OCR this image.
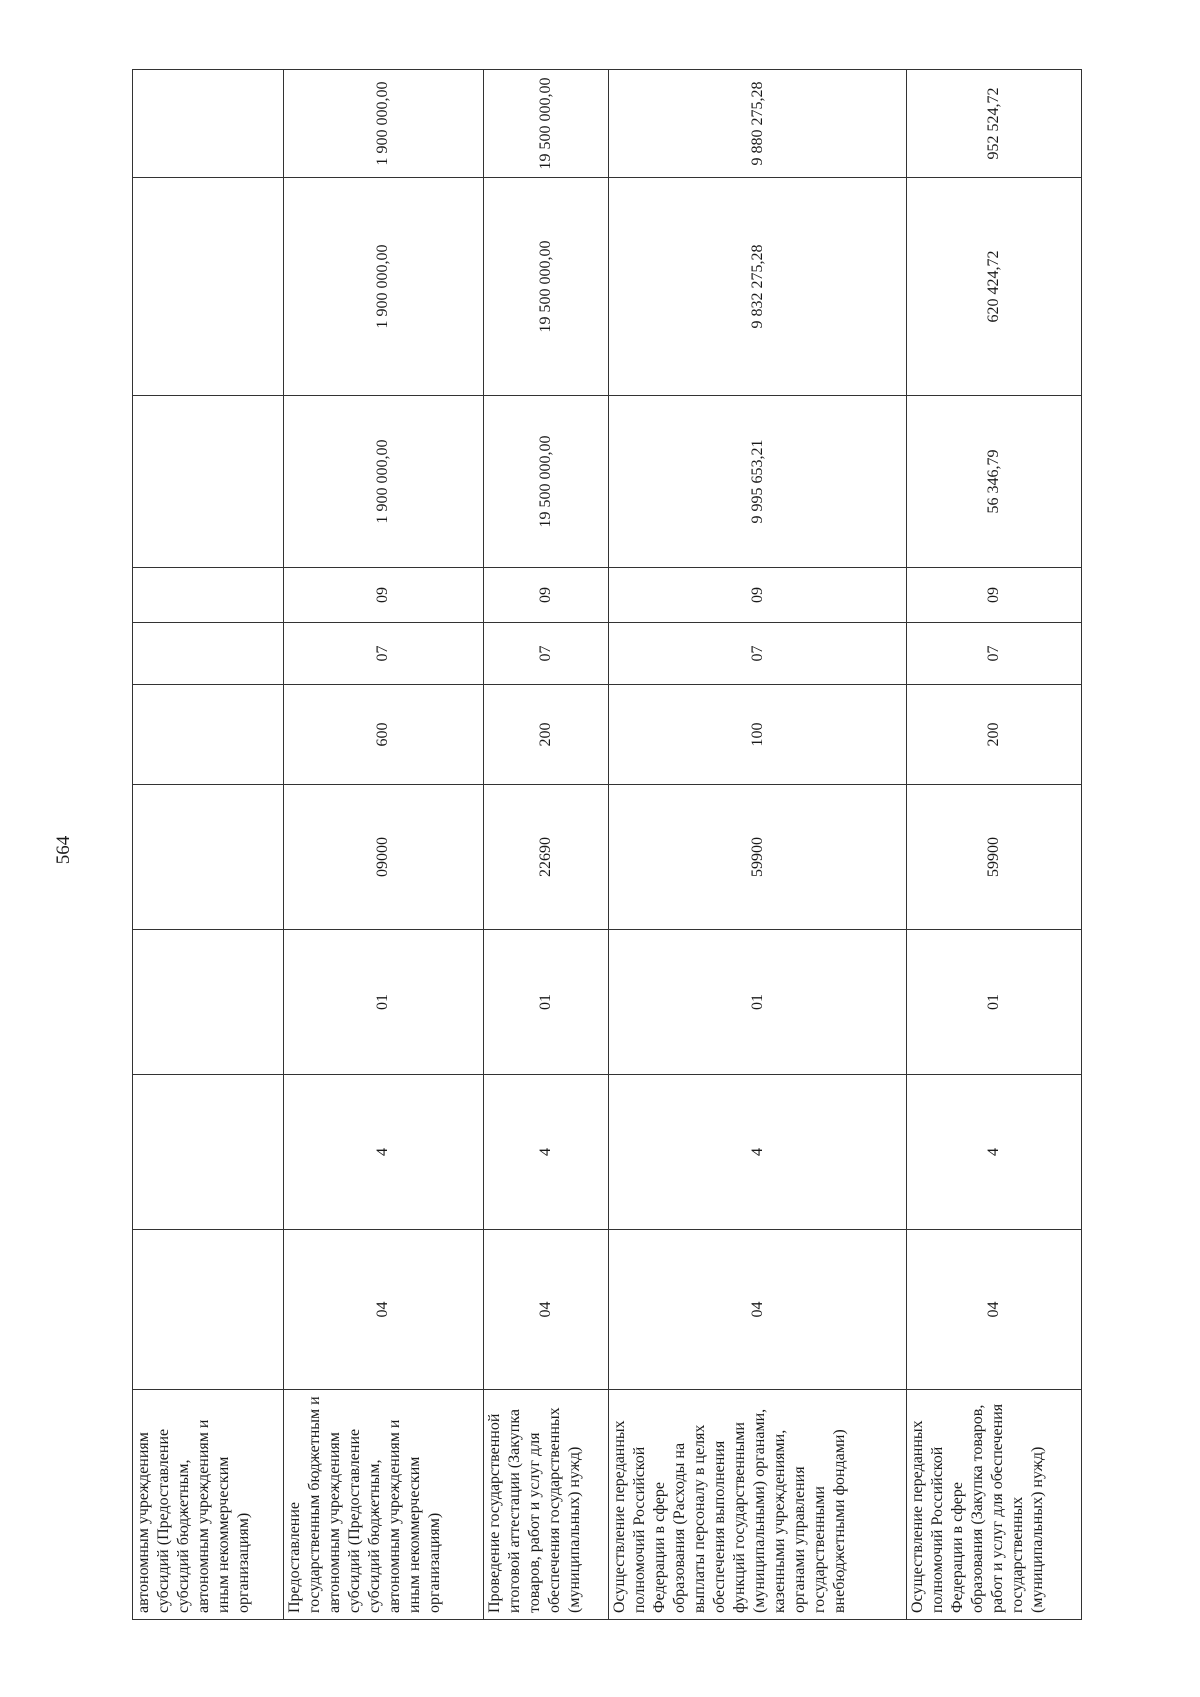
564
автономным учреждениям субсидий (Предоставление субсидий бюджетным, автономным учреждениям и иным некоммерческим организациям)										
Предоставление государственным бюджетным и автономным учреждениям субсидий (Предоставление субсидий бюджетным, автономным учреждениям и иным некоммерческим организациям)	04	4	01	09000	600	07	09	1 900 000,00	1 900 000,00	1 900 000,00
Проведение государственной итоговой аттестации (Закупка товаров, работ и услуг для обеспечения государственных (муниципальных) нужд)	04	4	01	22690	200	07	09	19 500 000,00	19 500 000,00	19 500 000,00
Осуществление переданных полномочий Российской Федерации в сфере образования (Расходы на выплаты персоналу в целях обеспечения выполнения функций государственными (муниципальными) органами, казенными учреждениями, органами управления государственными внебюджетными фондами)	04	4	01	59900	100	07	09	9 995 653,21	9 832 275,28	9 880 275,28
Осуществление переданных полномочий Российской Федерации в сфере образования (Закупка товаров, работ и услуг для обеспечения государственных (муниципальных) нужд)	04	4	01	59900	200	07	09	56 346,79	620 424,72	952 524,72
